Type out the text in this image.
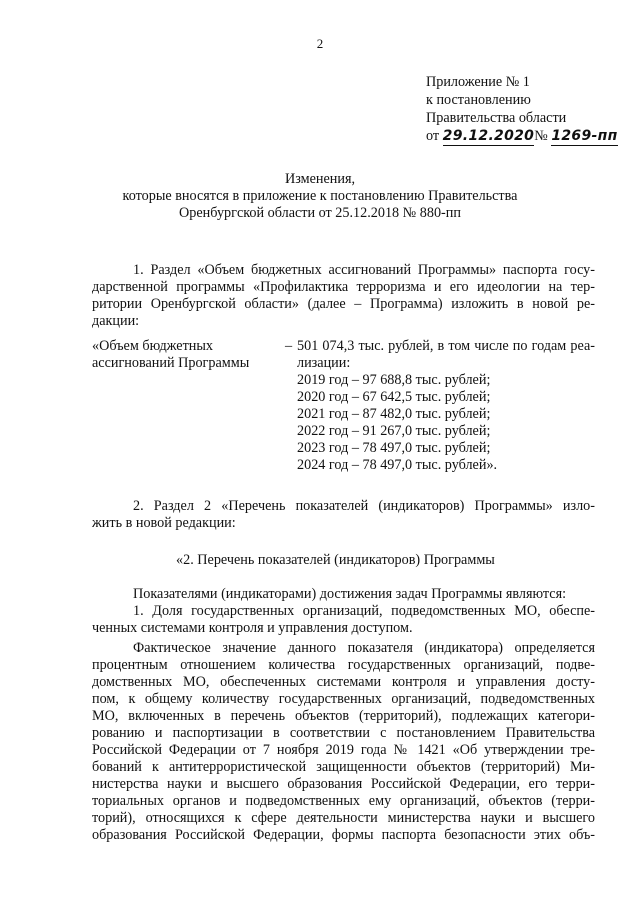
2
Приложение № 1
к постановлению
Правительства области
от 29.12.2020№ 1269-пп
Изменения,
которые вносятся в приложение к постановлению Правительства
Оренбургской области от 25.12.2018 № 880-пп
1. Раздел «Объем бюджетных ассигнований Программы» паспорта госу-
дарственной программы «Профилактика терроризма и его идеологии на тер-
ритории Оренбургской области» (далее – Программа) изложить в новой ре-
дакции:
«Объем бюджетных
ассигнований Программы
– 501 074,3 тыс. рублей, в том числе по годам реа-
лизации:
2019 год – 97 688,8 тыс. рублей;
2020 год – 67 642,5 тыс. рублей;
2021 год – 87 482,0 тыс. рублей;
2022 год – 91 267,0 тыс. рублей;
2023 год – 78 497,0 тыс. рублей;
2024 год – 78 497,0 тыс. рублей».
2. Раздел 2 «Перечень показателей (индикаторов) Программы» изло-
жить в новой редакции:
«2. Перечень показателей (индикаторов) Программы
Показателями (индикаторами) достижения задач Программы являются:
1. Доля государственных организаций, подведомственных МО, обеспе-
ченных системами контроля и управления доступом.
Фактическое значение данного показателя (индикатора) определяется
процентным отношением количества государственных организаций, подве-
домственных МО, обеспеченных системами контроля и управления досту-
пом, к общему количеству государственных организаций, подведомственных
МО, включенных в перечень объектов (территорий), подлежащих категори-
рованию и паспортизации в соответствии с постановлением Правительства
Российской Федерации от 7 ноября 2019 года № 1421 «Об утверждении тре-
бований к антитеррористической защищенности объектов (территорий) Ми-
нистерства науки и высшего образования Российской Федерации, его терри-
ториальных органов и подведомственных ему организаций, объектов (терри-
торий), относящихся к сфере деятельности министерства науки и высшего
образования Российской Федерации, формы паспорта безопасности этих объ-
